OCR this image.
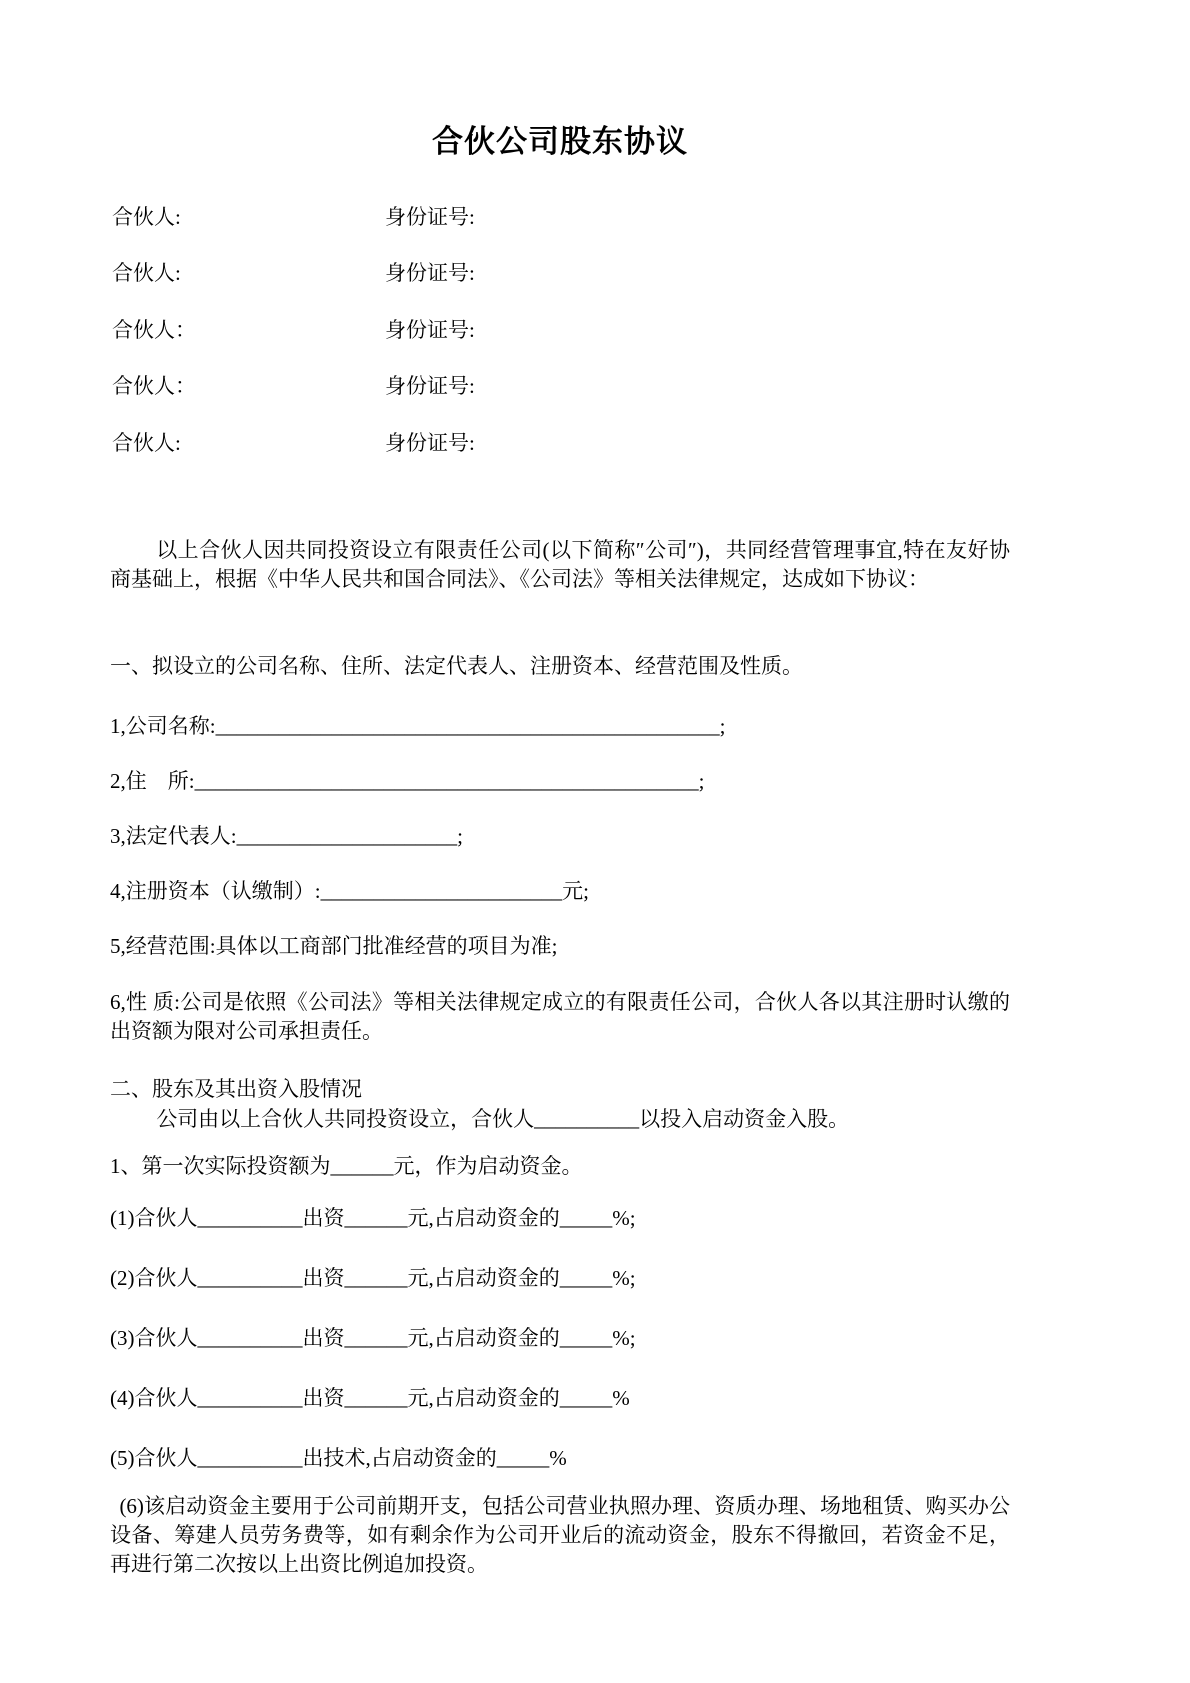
合伙公司股东协议
合伙人:	身份证号:
合伙人:	身份证号:
合伙人：	身份证号:
合伙人：	身份证号:
合伙人:	身份证号:

以上合伙人因共同投资设立有限责任公司(以下简称″公司″)，共同经营管理事宜,特在友好协商基础上，根据《中华人民共和国合同法》、《公司法》等相关法律规定，达成如下协议：

一、拟设立的公司名称、住所、法定代表人、注册资本、经营范围及性质。
1,公司名称:________________________________________________;
2,住　所:________________________________________________;
3,法定代表人:_____________________;
4,注册资本（认缴制）:_______________________元;
5,经营范围:具体以工商部门批准经营的项目为准;

6,性 质:公司是依照《公司法》等相关法律规定成立的有限责任公司，合伙人各以其注册时认缴的出资额为限对公司承担责任。

二、股东及其出资入股情况
公司由以上合伙人共同投资设立，合伙人__________以投入启动资金入股。
1、第一次实际投资额为______元，作为启动资金。
(1)合伙人__________出资______元,占启动资金的_____%;
(2)合伙人__________出资______元,占启动资金的_____%;
(3)合伙人__________出资______元,占启动资金的_____%;
(4)合伙人__________出资______元,占启动资金的_____%
(5)合伙人__________出技术,占启动资金的_____%

(6)该启动资金主要用于公司前期开支，包括公司营业执照办理、资质办理、场地租赁、购买办公设备、筹建人员劳务费等，如有剩余作为公司开业后的流动资金，股东不得撤回，若资金不足，再进行第二次按以上出资比例追加投资。
